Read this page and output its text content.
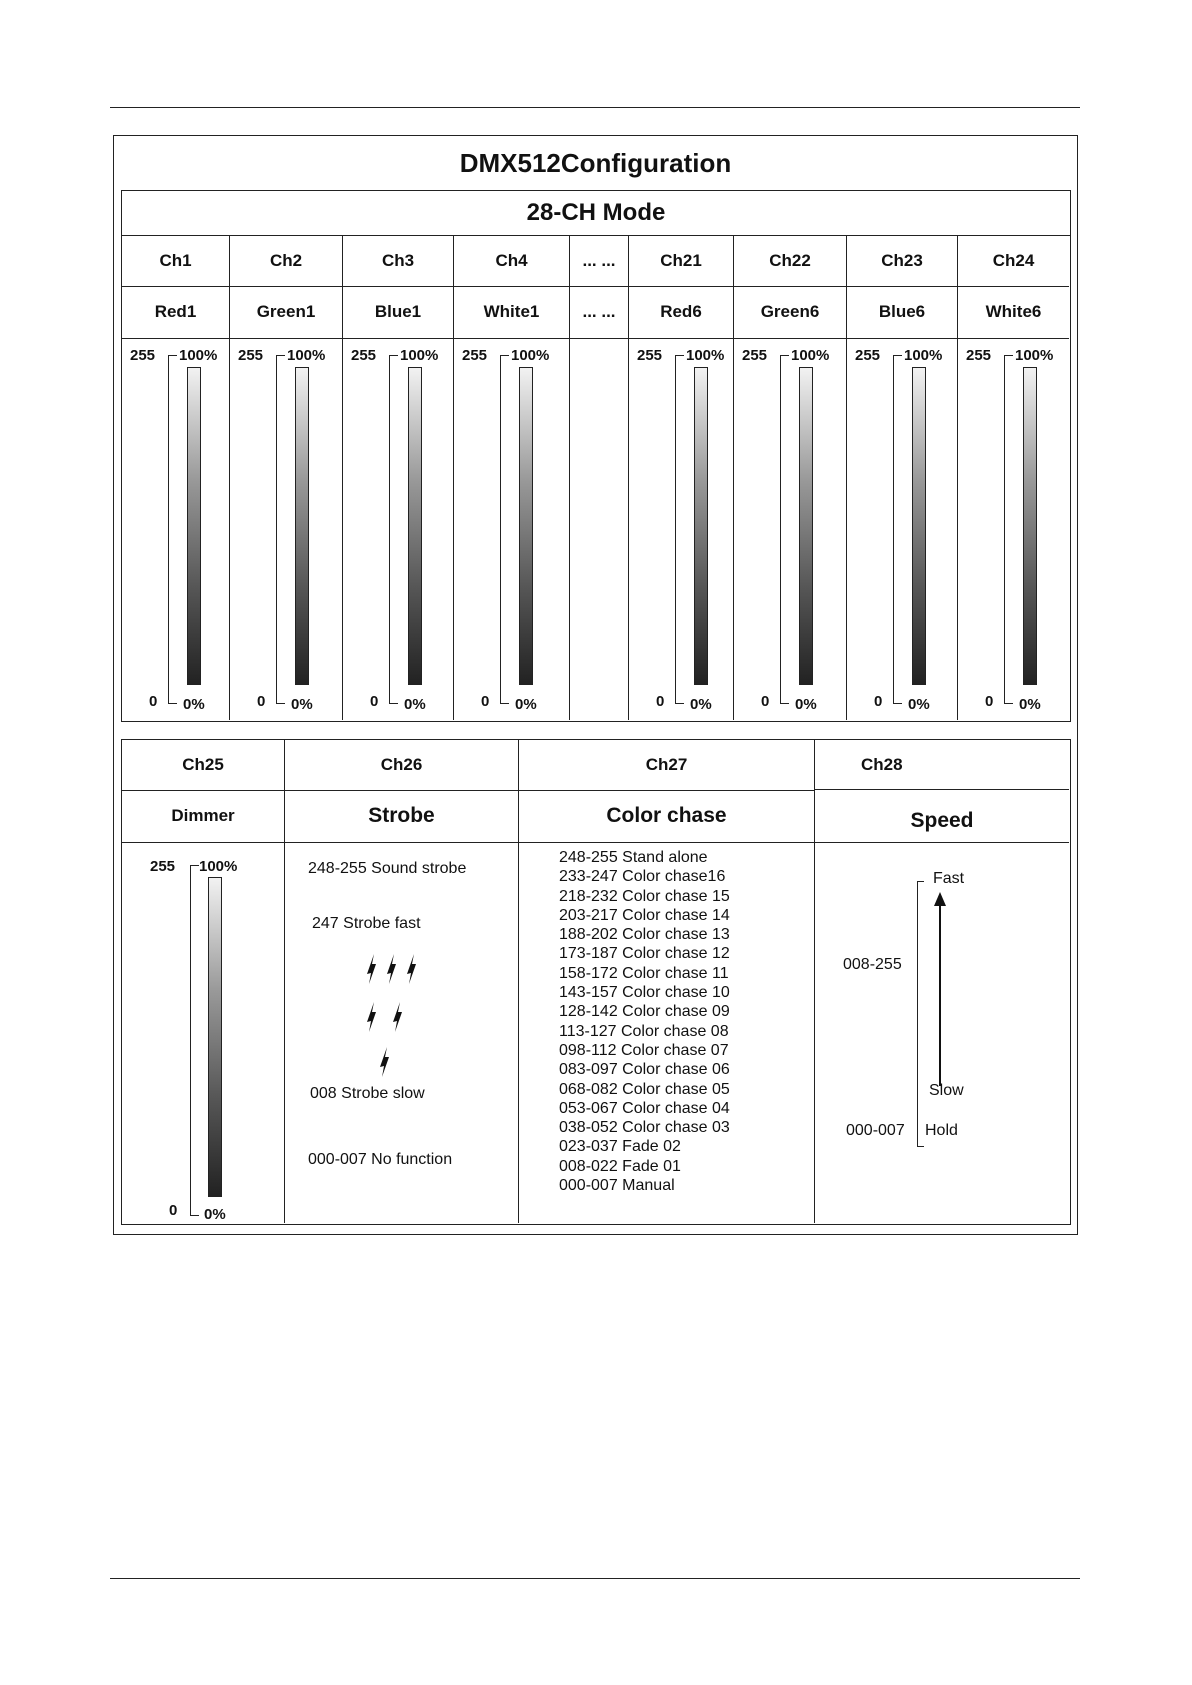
DMX512Configuration
28-CH Mode
Ch1
Red1
255 100%
0 0%
Ch2
Green1
255 100%
0 0%
Ch3
Blue1
255 100%
0 0%
Ch4
White1
255 100%
0 0%
... ...
... ...
Ch21
Red6
255 100%
0 0%
Ch22
Green6
255 100%
0 0%
Ch23
Blue6
255 100%
0 0%
Ch24
White6
255 100%
0 0%
Ch25
Dimmer
255 100%
0 0%
Ch26
Strobe
248-255 Sound strobe
247 Strobe fast
008 Strobe slow
000-007 No function
Ch27
Color chase
248-255 Stand alone
233-247 Color chase16
218-232 Color chase 15
203-217 Color chase 14
188-202 Color chase 13
173-187 Color chase 12
158-172 Color chase 11
143-157 Color chase 10
128-142 Color chase 09
113-127 Color chase 08
098-112 Color chase 07
083-097 Color chase 06
068-082 Color chase 05
053-067 Color chase 04
038-052 Color chase 03
023-037 Fade 02
008-022 Fade 01
000-007 Manual
Ch28
Speed
008-255
Fast
Slow
000-007 Hold
